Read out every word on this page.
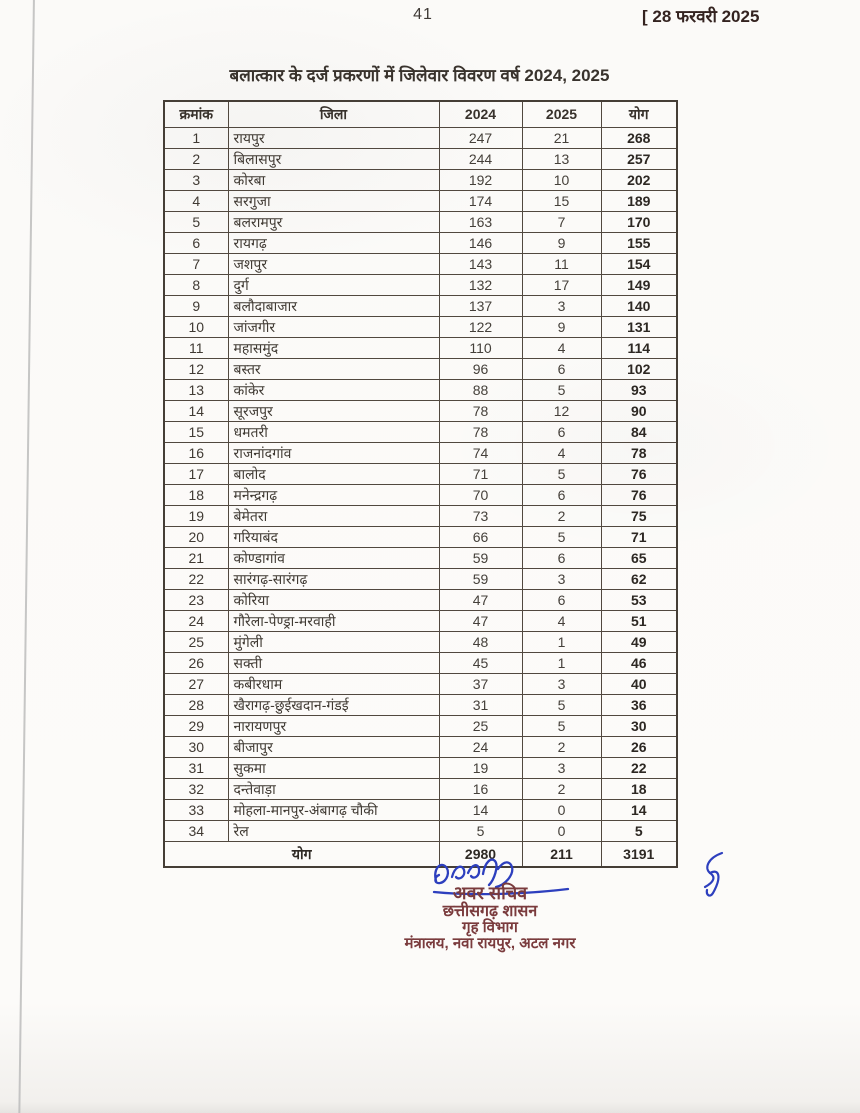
41	[ 28 फरवरी 2025
बलात्कार के दर्ज प्रकरणों में जिलेवार विवरण वर्ष 2024, 2025
क्रमांक	जिला	2024	2025	योग
1	रायपुर	247	21	268
2	बिलासपुर	244	13	257
3	कोरबा	192	10	202
4	सरगुजा	174	15	189
5	बलरामपुर	163	7	170
6	रायगढ़	146	9	155
7	जशपुर	143	11	154
8	दुर्ग	132	17	149
9	बलौदाबाजार	137	3	140
10	जांजगीर	122	9	131
11	महासमुंद	110	4	114
12	बस्तर	96	6	102
13	कांकेर	88	5	93
14	सूरजपुर	78	12	90
15	धमतरी	78	6	84
16	राजनांदगांव	74	4	78
17	बालोद	71	5	76
18	मनेन्द्रगढ़	70	6	76
19	बेमेतरा	73	2	75
20	गरियाबंद	66	5	71
21	कोण्डागांव	59	6	65
22	सारंगढ़-सारंगढ़	59	3	62
23	कोरिया	47	6	53
24	गौरेला-पेण्ड्रा-मरवाही	47	4	51
25	मुंगेली	48	1	49
26	सक्ती	45	1	46
27	कबीरधाम	37	3	40
28	खैरागढ़-छुईखदान-गंडई	31	5	36
29	नारायणपुर	25	5	30
30	बीजापुर	24	2	26
31	सुकमा	19	3	22
32	दन्तेवाड़ा	16	2	18
33	मोहला-मानपुर-अंबागढ़ चौकी	14	0	14
34	रेल	5	0	5
योग		2980	211	3191
अवर सचिव
छत्तीसगढ़ शासन
गृह विभाग
मंत्रालय, नवा रायपुर, अटल नगर
